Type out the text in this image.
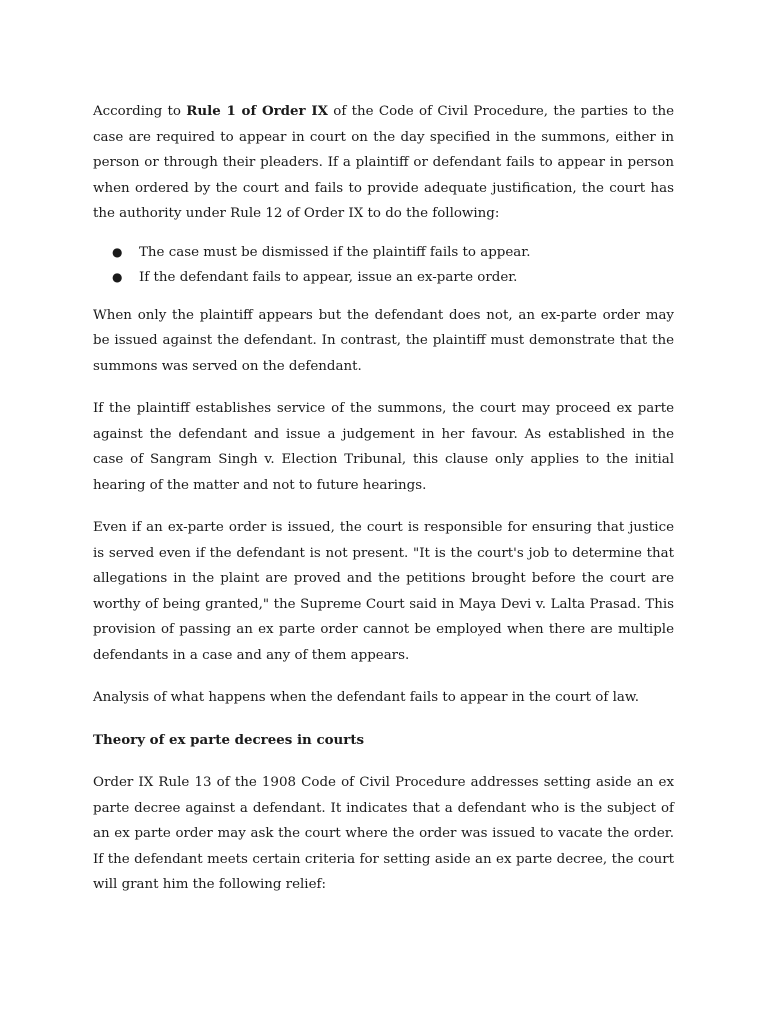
According to Rule 1 of Order IX of the Code of Civil Procedure, the parties to the case are required to appear in court on the day specified in the summons, either in person or through their pleaders. If a plaintiff or defendant fails to appear in person when ordered by the court and fails to provide adequate justification, the court has the authority under Rule 12 of Order IX to do the following:

● The case must be dismissed if the plaintiff fails to appear.
● If the defendant fails to appear, issue an ex-parte order.

When only the plaintiff appears but the defendant does not, an ex-parte order may be issued against the defendant. In contrast, the plaintiff must demonstrate that the summons was served on the defendant.

If the plaintiff establishes service of the summons, the court may proceed ex parte against the defendant and issue a judgement in her favour. As established in the case of Sangram Singh v. Election Tribunal, this clause only applies to the initial hearing of the matter and not to future hearings.

Even if an ex-parte order is issued, the court is responsible for ensuring that justice is served even if the defendant is not present. "It is the court's job to determine that allegations in the plaint are proved and the petitions brought before the court are worthy of being granted," the Supreme Court said in Maya Devi v. Lalta Prasad. This provision of passing an ex parte order cannot be employed when there are multiple defendants in a case and any of them appears.

Analysis of what happens when the defendant fails to appear in the court of law.

Theory of ex parte decrees in courts

Order IX Rule 13 of the 1908 Code of Civil Procedure addresses setting aside an ex parte decree against a defendant. It indicates that a defendant who is the subject of an ex parte order may ask the court where the order was issued to vacate the order. If the defendant meets certain criteria for setting aside an ex parte decree, the court will grant him the following relief:
